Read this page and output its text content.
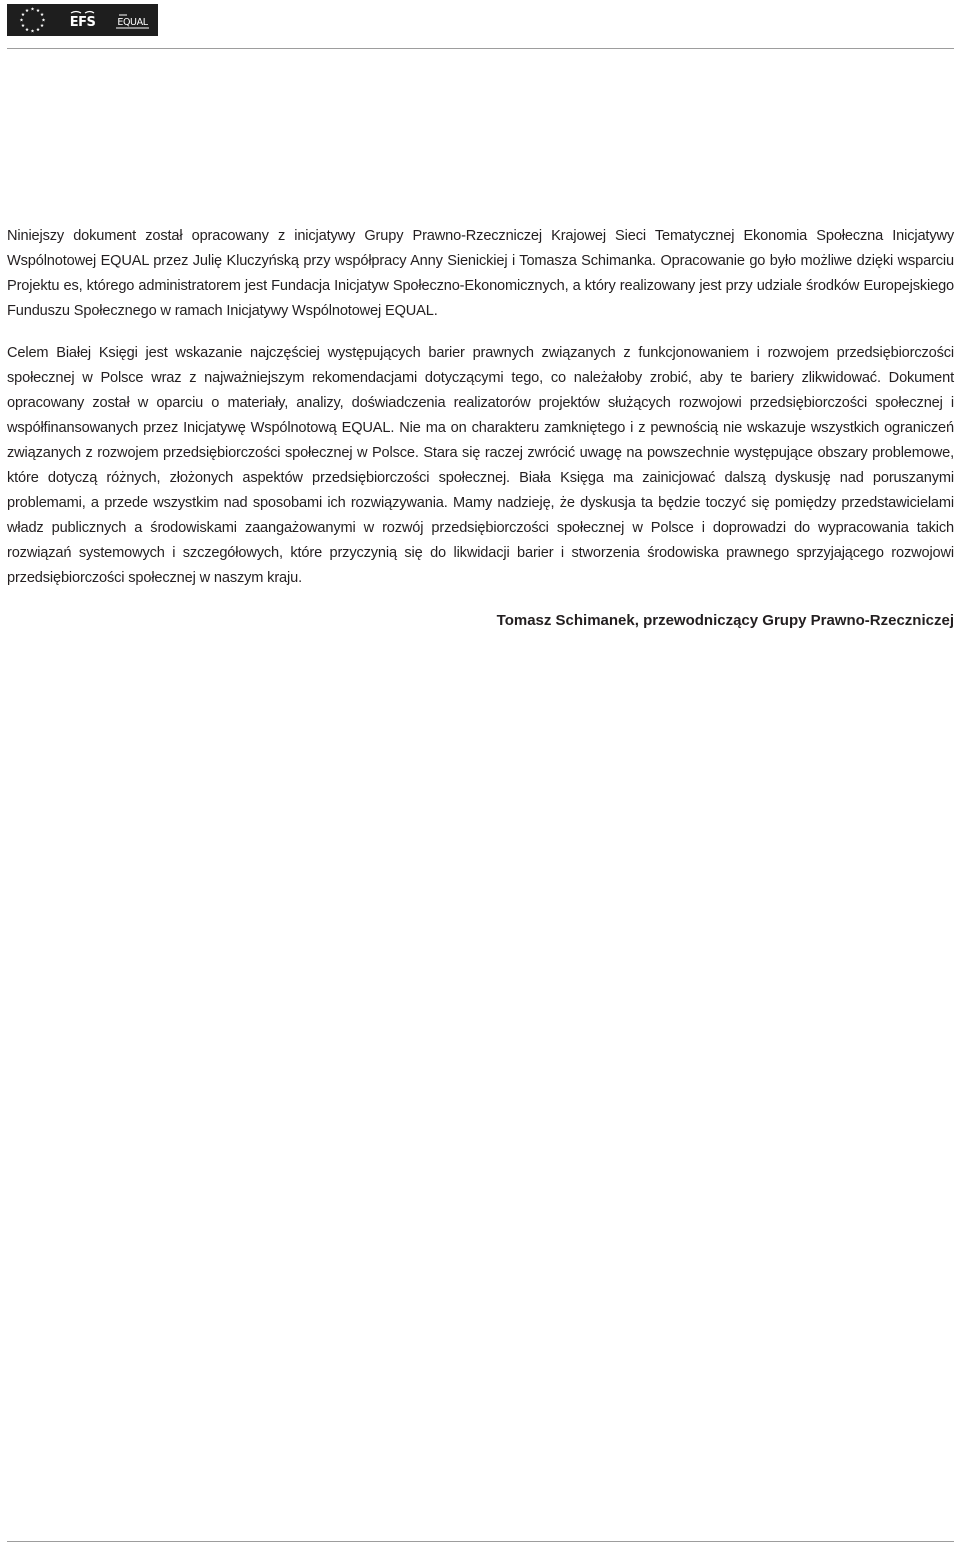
EFS EQUAL

Niniejszy dokument został opracowany z inicjatywy Grupy Prawno-Rzeczniczej Krajowej Sieci Tematycznej Ekonomia Społeczna Inicjatywy Wspólnotowej EQUAL przez Julię Kluczyńską przy współpracy Anny Sienickiej i Tomasza Schimanka. Opracowanie go było możliwe dzięki wsparciu Projektu es, którego administratorem jest Fundacja Inicjatyw Społeczno-Ekonomicznych, a który realizowany jest przy udziale środków Europejskiego Funduszu Społecznego w ramach Inicjatywy Wspólnotowej EQUAL.

Celem Białej Księgi jest wskazanie najczęściej występujących barier prawnych związanych z funkcjonowaniem i rozwojem przedsiębiorczości społecznej w Polsce wraz z najważniejszym rekomendacjami dotyczącymi tego, co należałoby zrobić, aby te bariery zlikwidować. Dokument opracowany został w oparciu o materiały, analizy, doświadczenia realizatorów projektów służących rozwojowi przedsiębiorczości społecznej i współfinansowanych przez Inicjatywę Wspólnotową EQUAL. Nie ma on charakteru zamkniętego i z pewnością nie wskazuje wszystkich ograniczeń związanych z rozwojem przedsiębiorczości społecznej w Polsce. Stara się raczej zwrócić uwagę na powszechnie występujące obszary problemowe, które dotyczą różnych, złożonych aspektów przedsiębiorczości społecznej. Biała Księga ma zainicjować dalszą dyskusję nad poruszanymi problemami, a przede wszystkim nad sposobami ich rozwiązywania. Mamy nadzieję, że dyskusja ta będzie toczyć się pomiędzy przedstawicielami władz publicznych a środowiskami zaangażowanymi w rozwój przedsiębiorczości społecznej w Polsce i doprowadzi do wypracowania takich rozwiązań systemowych i szczegółowych, które przyczynią się do likwidacji barier i stworzenia środowiska prawnego sprzyjającego rozwojowi przedsiębiorczości społecznej w naszym kraju.

Tomasz Schimanek, przewodniczący Grupy Prawno-Rzeczniczej
